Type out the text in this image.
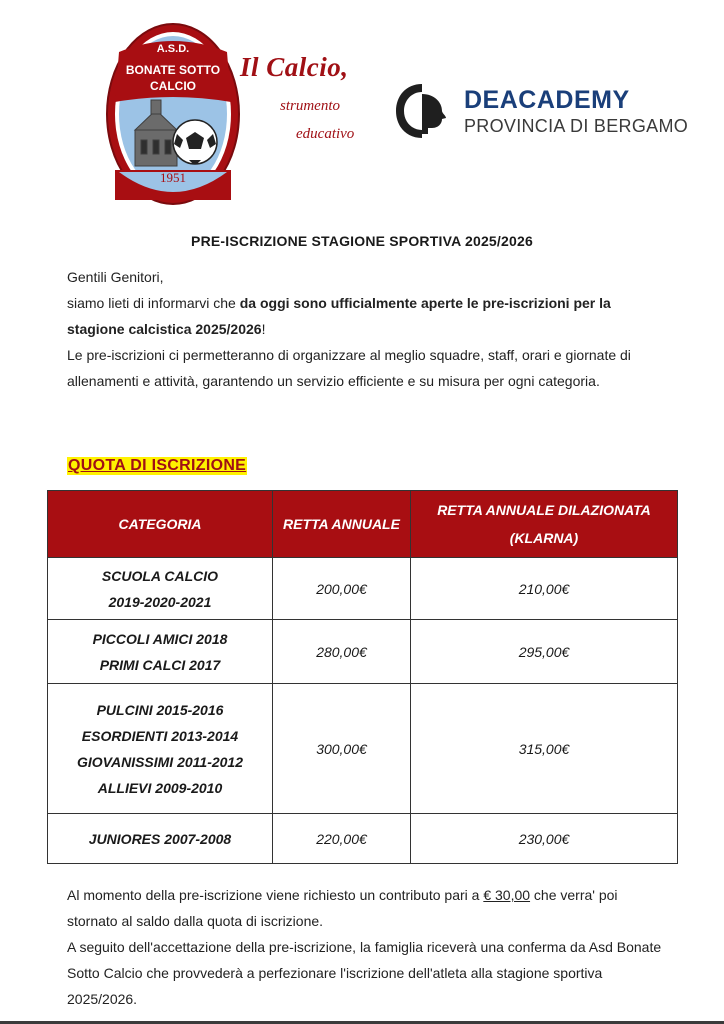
A.S.D.
BONATE SOTTO
CALCIO
1951
Il Calcio,
strumento
educativo
DEACADEMY
PROVINCIA DI BERGAMO
PRE-ISCRIZIONE STAGIONE SPORTIVA 2025/2026

Gentili Genitori,

siamo lieti di informarvi che da oggi sono ufficialmente aperte le pre-iscrizioni per la stagione calcistica 2025/2026!

Le pre-iscrizioni ci permetteranno di organizzare al meglio squadre, staff, orari e giornate di allenamenti e attività, garantendo un servizio efficiente e su misura per ogni categoria.

QUOTA DI ISCRIZIONE
CATEGORIA	RETTA ANNUALE	RETTA ANNUALE DILAZIONATA (KLARNA)

SCUOLA CALCIO
2019-2020-2021	200,00€	210,00€

PICCOLI AMICI 2018
PRIMI CALCI 2017	280,00€	295,00€

PULCINI 2015-2016
ESORDIENTI 2013-2014
GIOVANISSIMI 2011-2012
ALLIEVI 2009-2010	300,00€	315,00€

JUNIORES 2007-2008	220,00€	230,00€

Al momento della pre-iscrizione viene richiesto un contributo pari a € 30,00 che verra' poi stornato al saldo dalla quota di iscrizione.

A seguito dell'accettazione della pre-iscrizione, la famiglia riceverà una conferma da Asd Bonate Sotto Calcio che provvederà a perfezionare l'iscrizione dell'atleta alla stagione sportiva 2025/2026.
